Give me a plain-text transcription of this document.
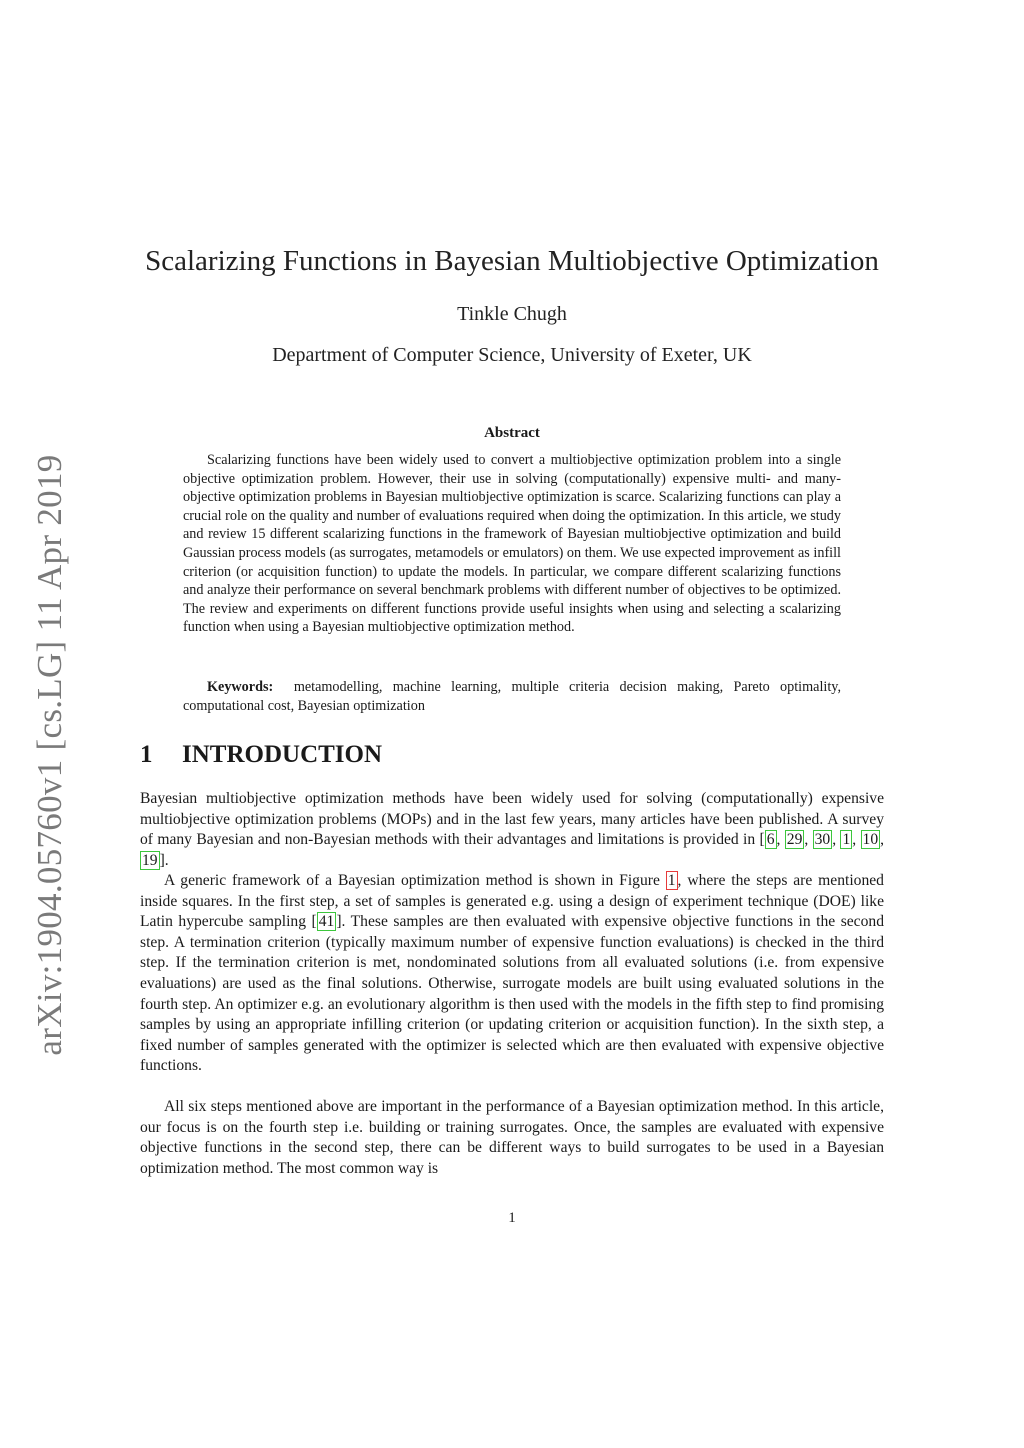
arXiv:1904.05760v1 [cs.LG] 11 Apr 2019
Scalarizing Functions in Bayesian Multiobjective Optimization
Tinkle Chugh
Department of Computer Science, University of Exeter, UK
Abstract

Scalarizing functions have been widely used to convert a multiobjective optimization problem into a single objective optimization problem. However, their use in solving (computationally) expensive multi- and many-objective optimization problems in Bayesian multiobjective optimization is scarce. Scalarizing functions can play a crucial role on the quality and number of evaluations required when doing the optimization. In this article, we study and review 15 different scalarizing functions in the framework of Bayesian multiobjective optimization and build Gaussian process models (as surrogates, metamodels or emulators) on them. We use expected improvement as infill criterion (or acquisition function) to update the models. In particular, we compare different scalarizing functions and analyze their performance on several benchmark problems with different number of objectives to be optimized. The review and experiments on different functions provide useful insights when using and selecting a scalarizing function when using a Bayesian multiobjective optimization method.

Keywords: metamodelling, machine learning, multiple criteria decision making, Pareto optimality, computational cost, Bayesian optimization

1 INTRODUCTION

Bayesian multiobjective optimization methods have been widely used for solving (computationally) expensive multiobjective optimization problems (MOPs) and in the last few years, many articles have been published. A survey of many Bayesian and non-Bayesian methods with their advantages and limitations is provided in [ 6 , 29 , 30 , 1 , 10 , 19 ].

A generic framework of a Bayesian optimization method is shown in Figure 1 , where the steps are mentioned inside squares. In the first step, a set of samples is generated e.g. using a design of experiment technique (DOE) like Latin hypercube sampling [ 41 ]. These samples are then evaluated with expensive objective functions in the second step. A termination criterion (typically maximum number of expensive function evaluations) is checked in the third step. If the termination criterion is met, nondominated solutions from all evaluated solutions (i.e. from expensive evaluations) are used as the final solutions. Otherwise, surrogate models are built using evaluated solutions in the fourth step. An optimizer e.g. an evolutionary algorithm is then used with the models in the fifth step to find promising samples by using an appropriate infilling criterion (or updating criterion or acquisition function). In the sixth step, a fixed number of samples generated with the optimizer is selected which are then evaluated with expensive objective functions.

All six steps mentioned above are important in the performance of a Bayesian optimization method. In this article, our focus is on the fourth step i.e. building or training surrogates. Once, the samples are evaluated with expensive objective functions in the second step, there can be different ways to build surrogates to be used in a Bayesian optimization method. The most common way is

1
